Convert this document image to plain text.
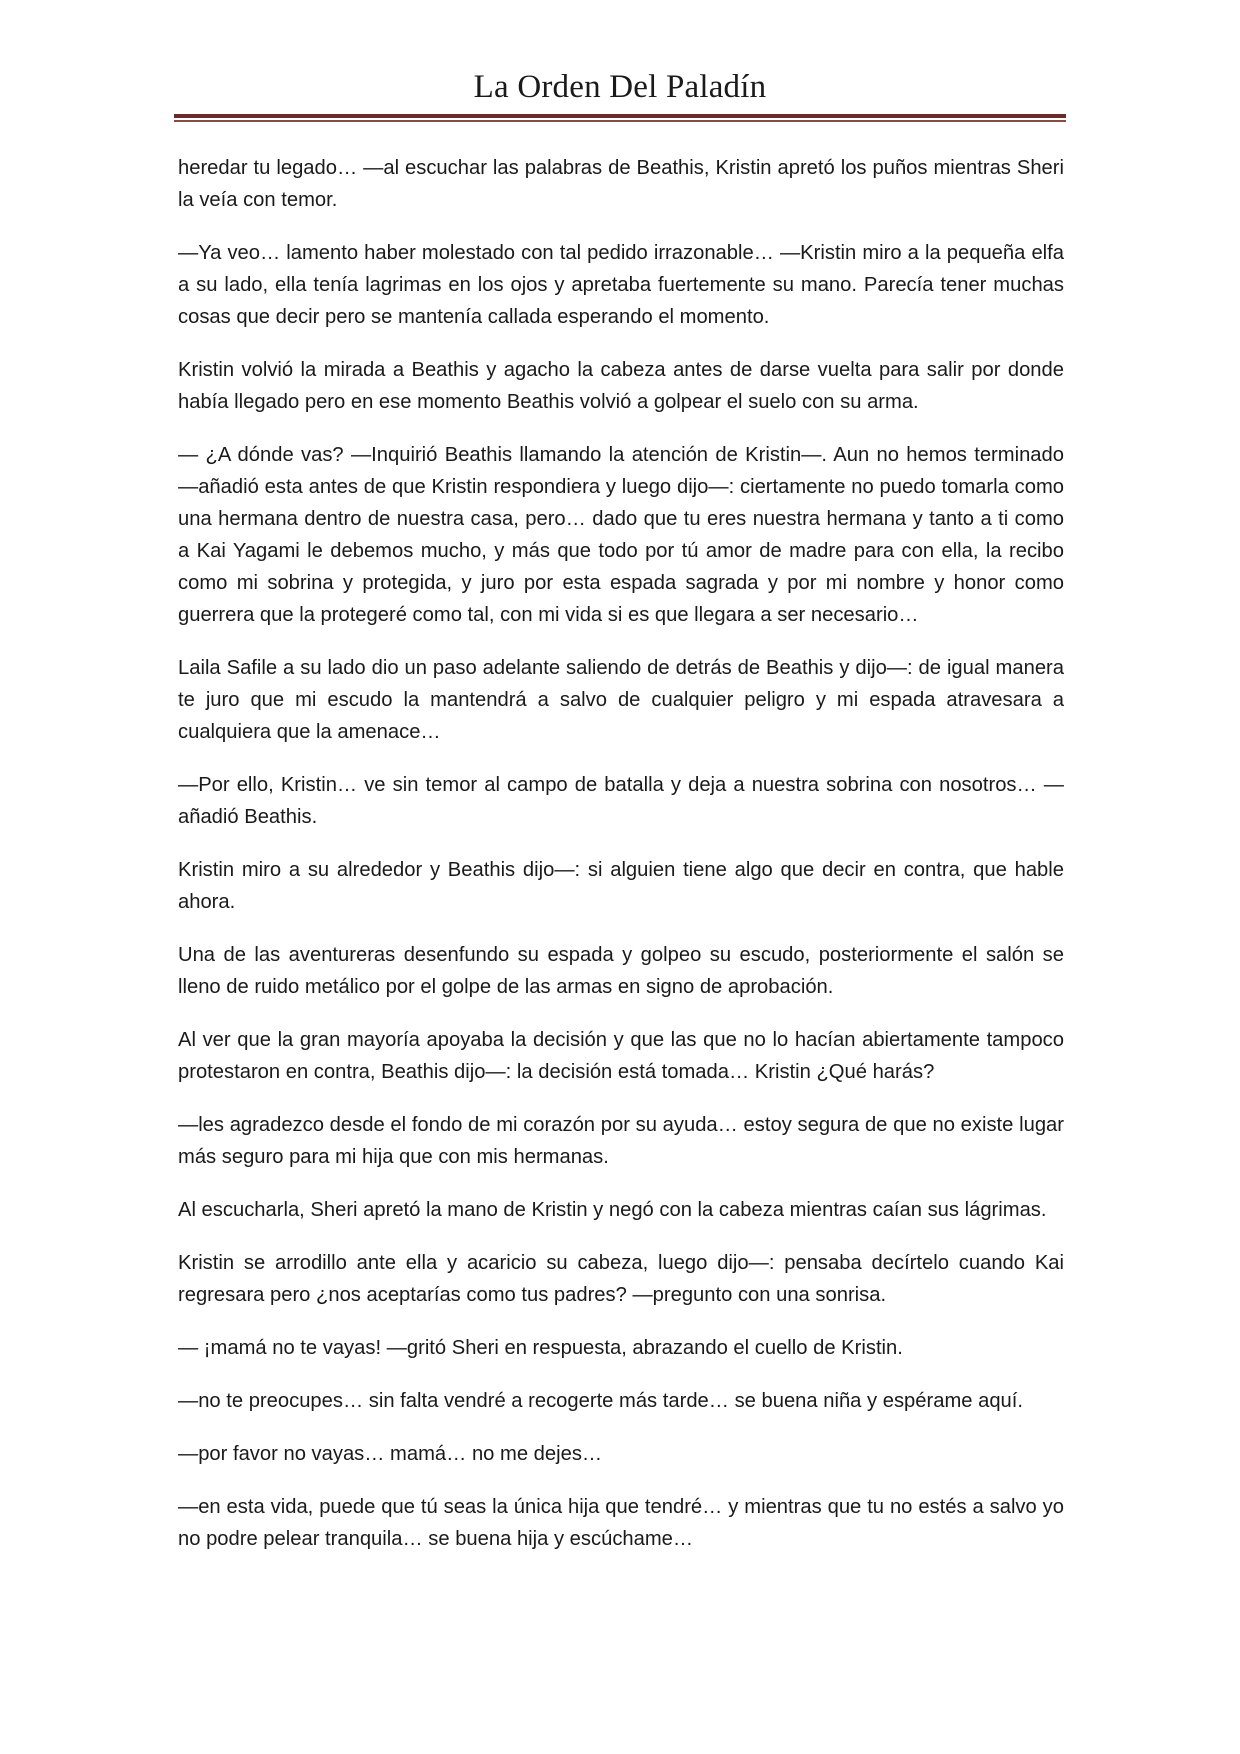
La Orden Del Paladín

heredar tu legado… —al escuchar las palabras de Beathis, Kristin apretó los puños mientras Sheri la veía con temor.

—Ya veo… lamento haber molestado con tal pedido irrazonable… —Kristin miro a la pequeña elfa a su lado, ella tenía lagrimas en los ojos y apretaba fuertemente su mano. Parecía tener muchas cosas que decir pero se mantenía callada esperando el momento.

Kristin volvió la mirada a Beathis y agacho la cabeza antes de darse vuelta para salir por donde había llegado pero en ese momento Beathis volvió a golpear el suelo con su arma.

— ¿A dónde vas? —Inquirió Beathis llamando la atención de Kristin—. Aun no hemos terminado —añadió esta antes de que Kristin respondiera y luego dijo—: ciertamente no puedo tomarla como una hermana dentro de nuestra casa, pero… dado que tu eres nuestra hermana y tanto a ti como a Kai Yagami le debemos mucho, y más que todo por tú amor de madre para con ella, la recibo como mi sobrina y protegida, y juro por esta espada sagrada y por mi nombre y honor como guerrera que la protegeré como tal, con mi vida si es que llegara a ser necesario…

Laila Safile a su lado dio un paso adelante saliendo de detrás de Beathis y dijo—: de igual manera te juro que mi escudo la mantendrá a salvo de cualquier peligro y mi espada atravesara a cualquiera que la amenace…

—Por ello, Kristin… ve sin temor al campo de batalla y deja a nuestra sobrina con nosotros… —añadió Beathis.

Kristin miro a su alrededor y Beathis dijo—: si alguien tiene algo que decir en contra, que hable ahora.

Una de las aventureras desenfundo su espada y golpeo su escudo, posteriormente el salón se lleno de ruido metálico por el golpe de las armas en signo de aprobación.

Al ver que la gran mayoría apoyaba la decisión y que las que no lo hacían abiertamente tampoco protestaron en contra, Beathis dijo—: la decisión está tomada… Kristin ¿Qué harás?

—les agradezco desde el fondo de mi corazón por su ayuda… estoy segura de que no existe lugar más seguro para mi hija que con mis hermanas.

Al escucharla, Sheri apretó la mano de Kristin y negó con la cabeza mientras caían sus lágrimas.

Kristin se arrodillo ante ella y acaricio su cabeza, luego dijo—: pensaba decírtelo cuando Kai regresara pero ¿nos aceptarías como tus padres? —pregunto con una sonrisa.

— ¡mamá no te vayas! —gritó Sheri en respuesta, abrazando el cuello de Kristin.

—no te preocupes… sin falta vendré a recogerte más tarde… se buena niña y espérame aquí.

—por favor no vayas… mamá… no me dejes…

—en esta vida, puede que tú seas la única hija que tendré… y mientras que tu no estés a salvo yo no podre pelear tranquila… se buena hija y escúchame…
